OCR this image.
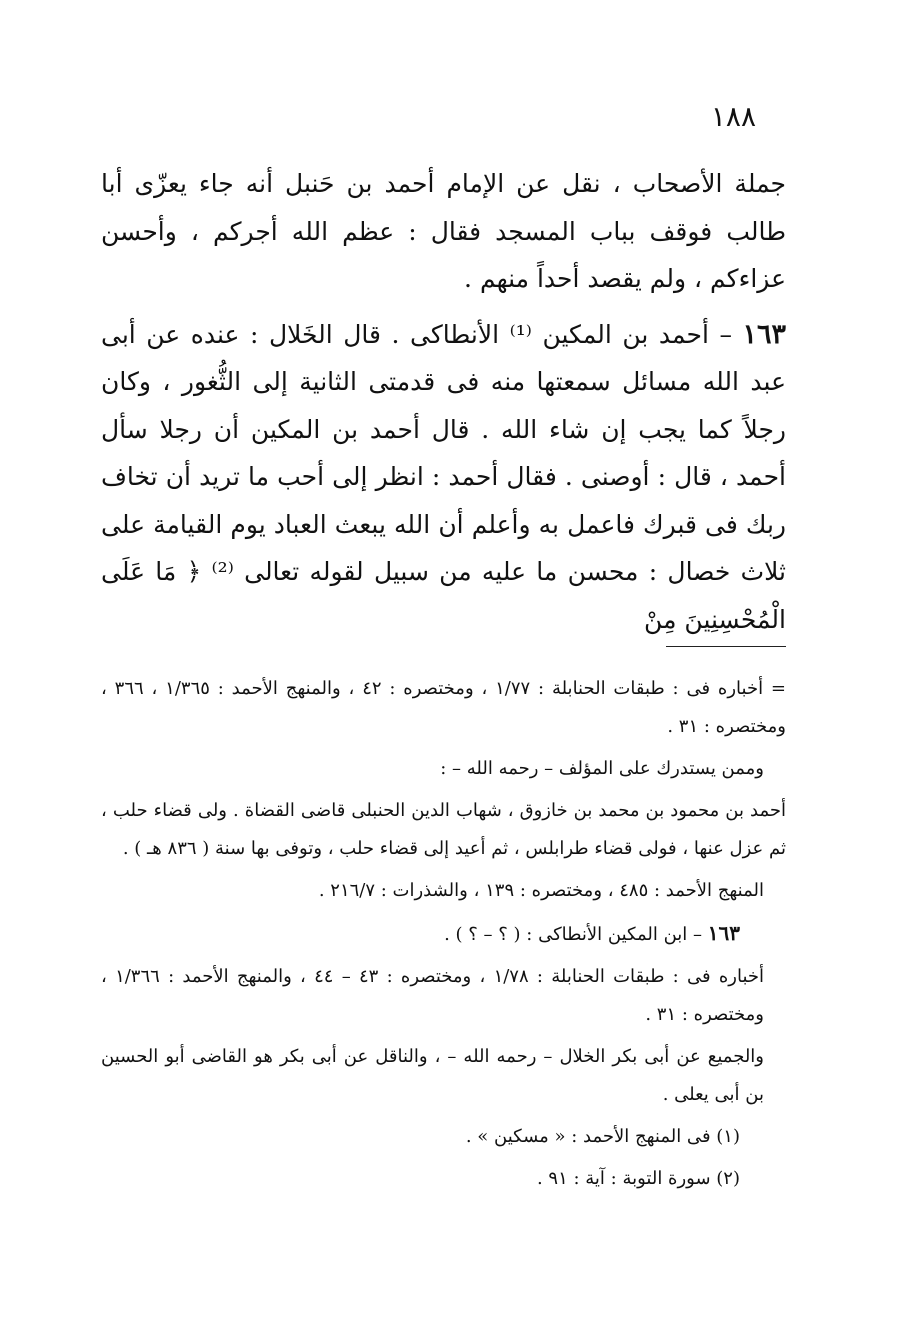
١٨٨

جملة الأصحاب ، نقل عن الإمام أحمد بن حَنبل أنه جاء يعزّى أبا طالب فوقف بباب المسجد فقال : عظم الله أجركم ، وأحسن عزاءكم ، ولم يقصد أحداً منهم .

١٦٣ – أحمد بن المكين ⁽¹⁾ الأنطاكى . قال الخَلال : عنده عن أبى عبد الله مسائل سمعتها منه فى قدمتى الثانية إلى الثُّغور ، وكان رجلاً كما يجب إن شاء الله . قال أحمد بن المكين أن رجلا سأل أحمد ، قال : أوصنى . فقال أحمد : انظر إلى أحب ما تريد أن تخاف ربك فى قبرك فاعمل به وأعلم أن الله يبعث العباد يوم القيامة على ثلاث خصال : محسن ما عليه من سبيل لقوله تعالى ⁽²⁾ ﴿ مَا عَلَى الْمُحْسِنِينَ مِنْ

= أخباره فى : طبقات الحنابلة : ١/٧٧ ، ومختصره : ٤٢ ، والمنهج الأحمد : ١/٣٦٥ ، ٣٦٦ ، ومختصره : ٣١ .

وممن يستدرك على المؤلف – رحمه الله – :

أحمد بن محمود بن محمد بن خازوق ، شهاب الدين الحنبلى قاضى القضاة . ولى قضاء حلب ، ثم عزل عنها ، فولى قضاء طرابلس ، ثم أعيد إلى قضاء حلب ، وتوفى بها سنة ( ٨٣٦ هـ ) .

المنهج الأحمد : ٤٨٥ ، ومختصره : ١٣٩ ، والشذرات : ٢١٦/٧ .

١٦٣ – ابن المكين الأنطاكى : ( ؟ – ؟ ) .

أخباره فى : طبقات الحنابلة : ١/٧٨ ، ومختصره : ٤٣ – ٤٤ ، والمنهج الأحمد : ١/٣٦٦ ، ومختصره : ٣١ .

والجميع عن أبى بكر الخلال – رحمه الله – ، والناقل عن أبى بكر هو القاضى أبو الحسين بن أبى يعلى .

(١) فى المنهج الأحمد : « مسكين » .

(٢) سورة التوبة : آية : ٩١ .
